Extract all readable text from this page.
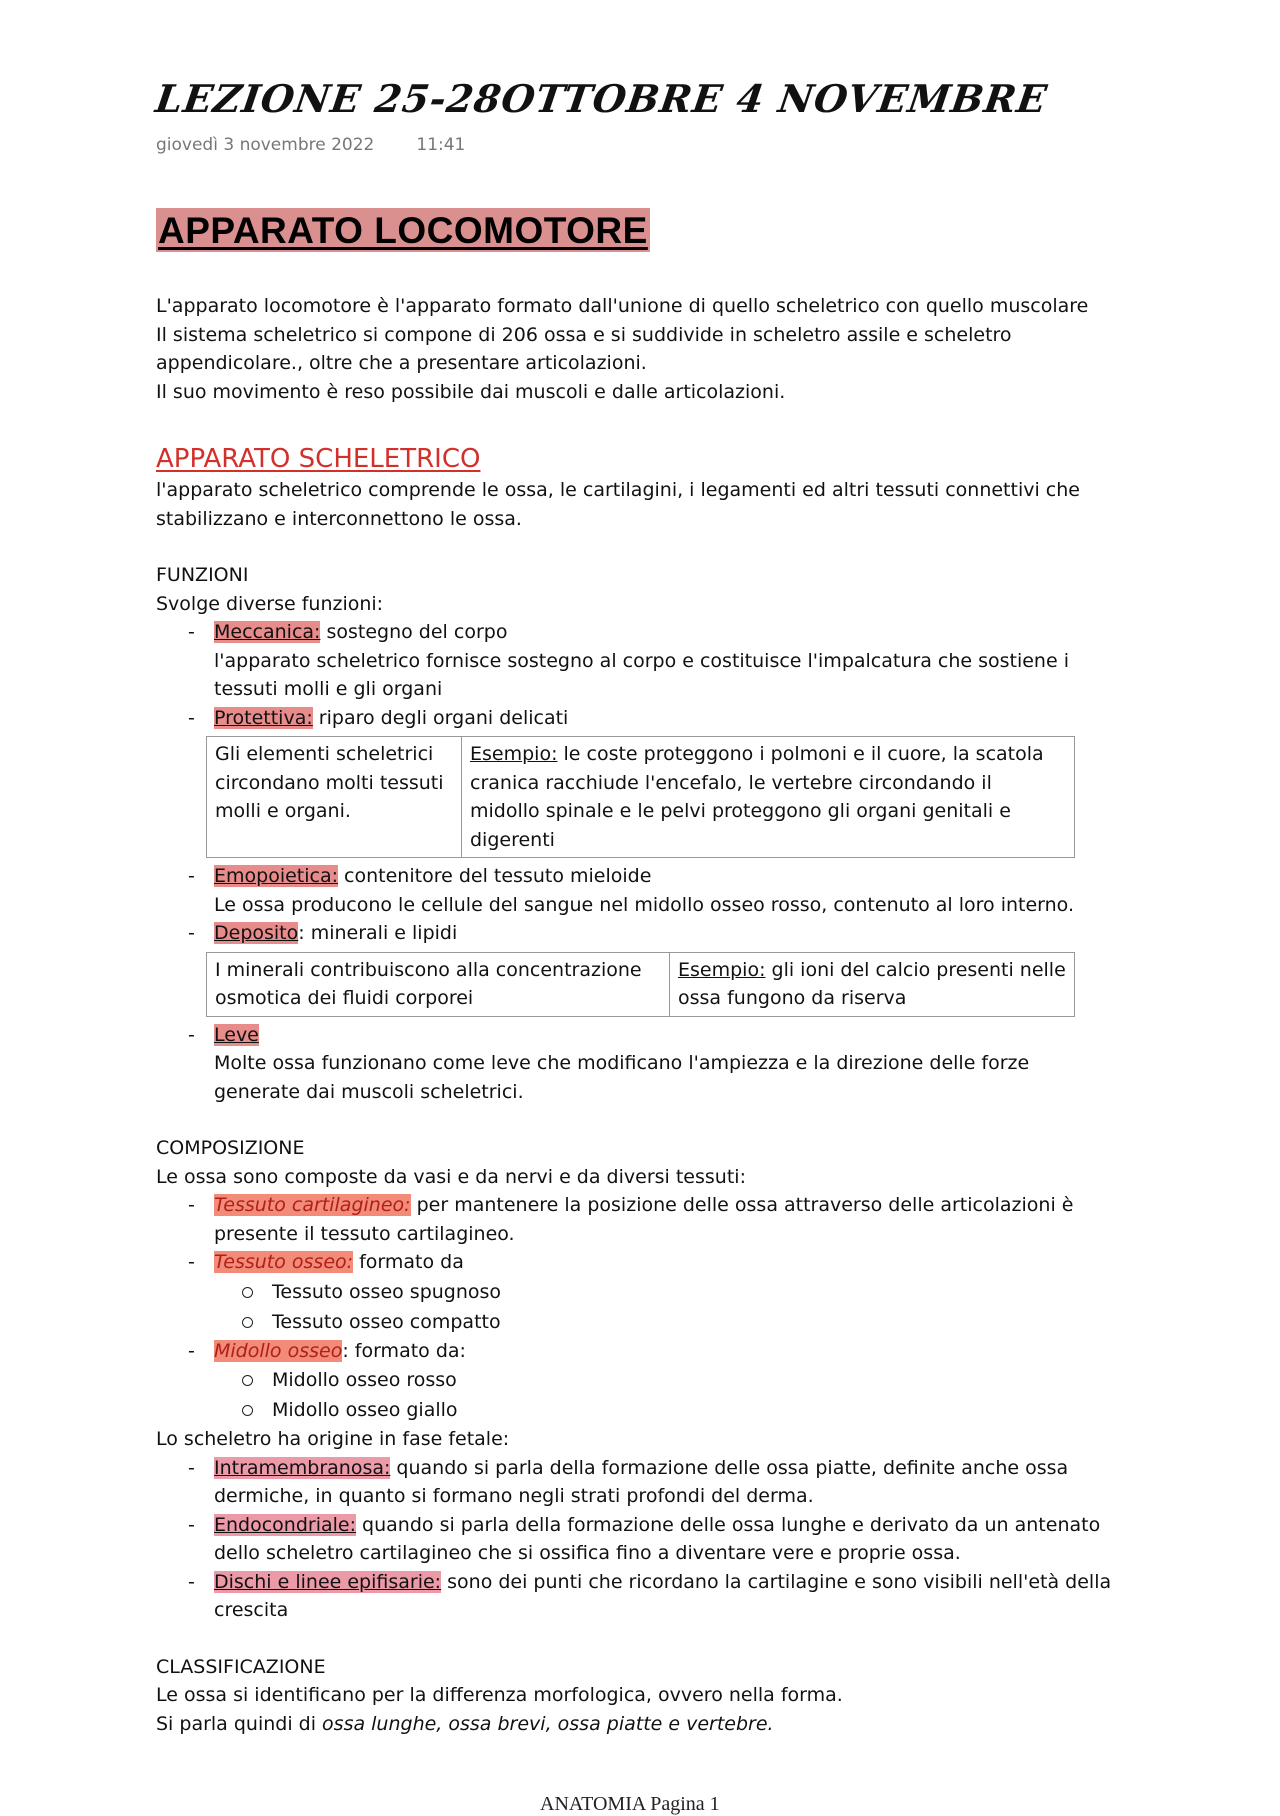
LEZIONE 25-28OTTOBRE 4 NOVEMBRE
giovedì 3 novembre 2022 11:41
APPARATO LOCOMOTORE

L'apparato locomotore è l'apparato formato dall'unione di quello scheletrico con quello muscolare

Il sistema scheletrico si compone di 206 ossa e si suddivide in scheletro assile e scheletro appendicolare., oltre che a presentare articolazioni.

Il suo movimento è reso possibile dai muscoli e dalle articolazioni.

APPARATO SCHELETRICO

l'apparato scheletrico comprende le ossa, le cartilagini, i legamenti ed altri tessuti connettivi che stabilizzano e interconnettono le ossa.

FUNZIONI

Svolge diverse funzioni:

- Meccanica: sostegno del corpo
l'apparato scheletrico fornisce sostegno al corpo e costituisce l'impalcatura che sostiene i tessuti molli e gli organi
- Protettiva: riparo degli organi delicati
Gli elementi scheletrici circondano molti tessuti molli e organi.	Esempio: le coste proteggono i polmoni e il cuore, la scatola cranica racchiude l'encefalo, le vertebre circondando il midollo spinale e le pelvi proteggono gli organi genitali e digerenti
- Emopoietica: contenitore del tessuto mieloide
Le ossa producono le cellule del sangue nel midollo osseo rosso, contenuto al loro interno.
- Deposito: minerali e lipidi
I minerali contribuiscono alla concentrazione osmotica dei fluidi corporei	Esempio: gli ioni del calcio presenti nelle ossa fungono da riserva
- Leve
Molte ossa funzionano come leve che modificano l'ampiezza e la direzione delle forze generate dai muscoli scheletrici.

COMPOSIZIONE

Le ossa sono composte da vasi e da nervi e da diversi tessuti:

- Tessuto cartilagineo: per mantenere la posizione delle ossa attraverso delle articolazioni è presente il tessuto cartilagineo.
- Tessuto osseo: formato da
Tessuto osseo spugnoso
Tessuto osseo compatto
- Midollo osseo: formato da:
Midollo osseo rosso
Midollo osseo giallo

Lo scheletro ha origine in fase fetale:

- Intramembranosa: quando si parla della formazione delle ossa piatte, definite anche ossa dermiche, in quanto si formano negli strati profondi del derma.
- Endocondriale: quando si parla della formazione delle ossa lunghe e derivato da un antenato dello scheletro cartilagineo che si ossifica fino a diventare vere e proprie ossa.
- Dischi e linee epifisarie: sono dei punti che ricordano la cartilagine e sono visibili nell'età della crescita

CLASSIFICAZIONE

Le ossa si identificano per la differenza morfologica, ovvero nella forma.

Si parla quindi di ossa lunghe, ossa brevi, ossa piatte e vertebre.

ANATOMIA Pagina 1
